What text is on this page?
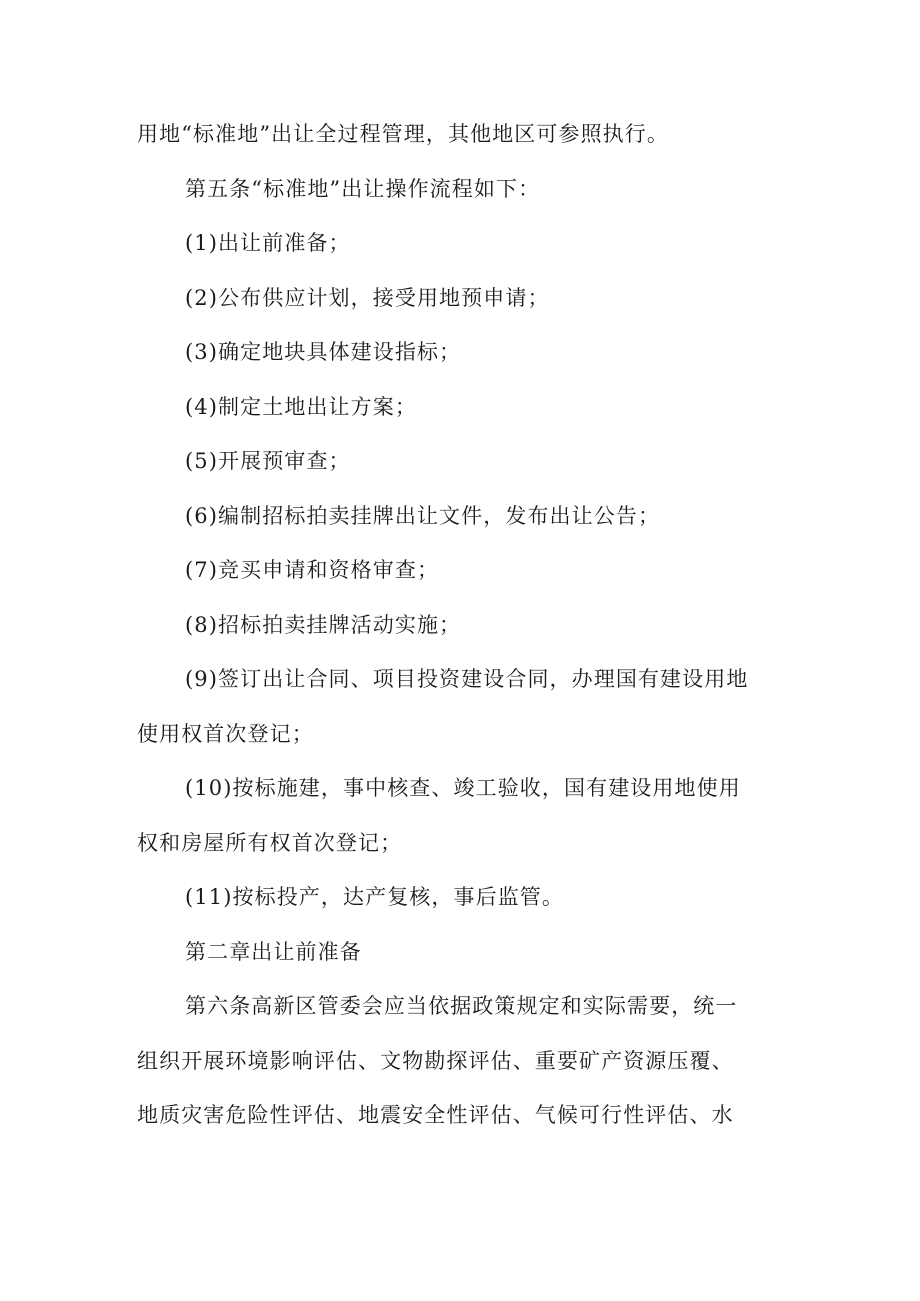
用地“标准地”出让全过程管理，其他地区可参照执行。

第五条“标准地”出让操作流程如下：

(1)出让前准备；

(2)公布供应计划，接受用地预申请；

(3)确定地块具体建设指标；

(4)制定土地出让方案；

(5)开展预审查；

(6)编制招标拍卖挂牌出让文件，发布出让公告；

(7)竞买申请和资格审查；

(8)招标拍卖挂牌活动实施；

(9)签订出让合同、项目投资建设合同，办理国有建设用地

使用权首次登记；

(10)按标施建，事中核查、竣工验收，国有建设用地使用

权和房屋所有权首次登记；

(11)按标投产，达产复核，事后监管。

第二章出让前准备

第六条高新区管委会应当依据政策规定和实际需要，统一

组织开展环境影响评估、文物勘探评估、重要矿产资源压覆、

地质灾害危险性评估、地震安全性评估、气候可行性评估、水
